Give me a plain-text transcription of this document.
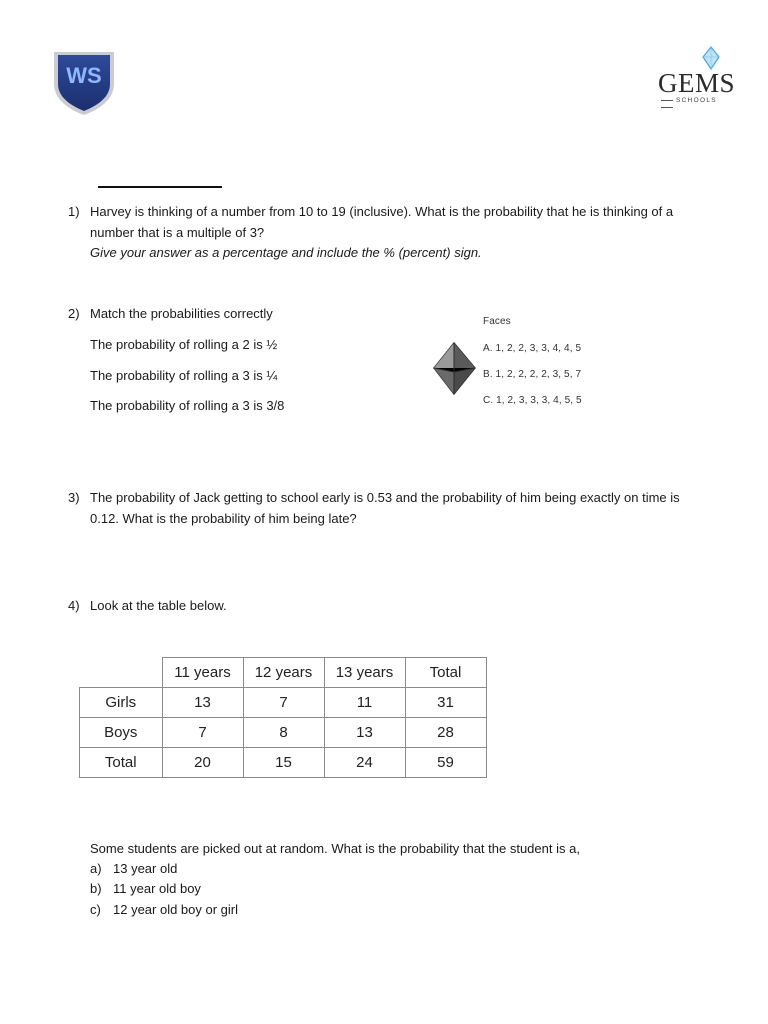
WS	GEMS
SCHOOLS
1) Harvey is thinking of a number from 10 to 19 (inclusive). What is the probability that he is thinking of a
number that is a multiple of 3?
Give your answer as a percentage and include the % (percent) sign.
2) Match the probabilities correctly
The probability of rolling a 2 is ½
The probability of rolling a 3 is ¼
The probability of rolling a 3 is 3/8
Faces
A. 1, 2, 2, 3, 3, 4, 4, 5
B. 1, 2, 2, 2, 2, 3, 5, 7
C. 1, 2, 3, 3, 3, 4, 5, 5
3) The probability of Jack getting to school early is 0.53 and the probability of him being exactly on time is
0.12. What is the probability of him being late?
4) Look at the table below.
	11 years	12 years	13 years	Total
Girls	13	7	11	31
Boys	7	8	13	28
Total	20	15	24	59
Some students are picked out at random. What is the probability that the student is a,
a) 13 year old
b) 11 year old boy
c) 12 year old boy or girl
